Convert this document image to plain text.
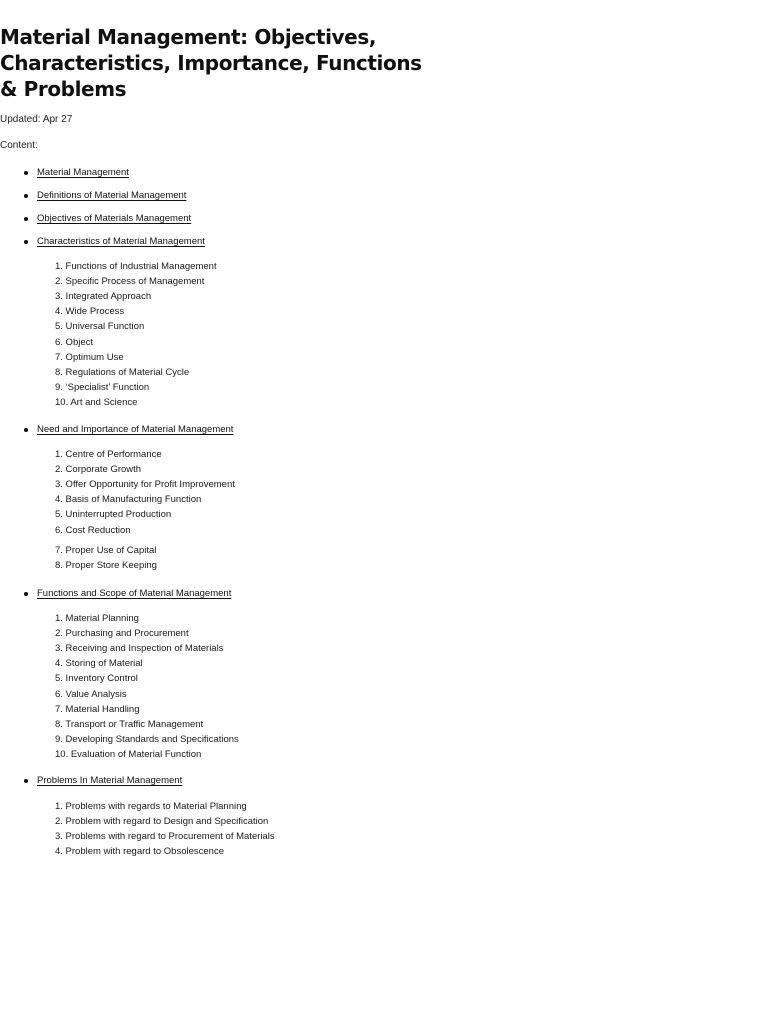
Material Management: Objectives, Characteristics, Importance, Functions & Problems
Updated: Apr 27
Content:
Material Management
Definitions of Material Management
Objectives of Materials Management
Characteristics of Material Management
1. Functions of Industrial Management
2. Specific Process of Management
3. Integrated Approach
4. Wide Process
5. Universal Function
6. Object
7. Optimum Use
8. Regulations of Material Cycle
9. ‘Specialist’ Function
10. Art and Science
Need and Importance of Material Management
1. Centre of Performance
2. Corporate Growth
3. Offer Opportunity for Profit Improvement
4. Basis of Manufacturing Function
5. Uninterrupted Production
6. Cost Reduction
7. Proper Use of Capital
8. Proper Store Keeping
Functions and Scope of Material Management
1. Material Planning
2. Purchasing and Procurement
3. Receiving and Inspection of Materials
4. Storing of Material
5. Inventory Control
6. Value Analysis
7. Material Handling
8. Transport or Traffic Management
9. Developing Standards and Specifications
10. Evaluation of Material Function
Problems In Material Management
1. Problems with regards to Material Planning
2. Problem with regard to Design and Specification
3. Problems with regard to Procurement of Materials
4. Problem with regard to Obsolescence
